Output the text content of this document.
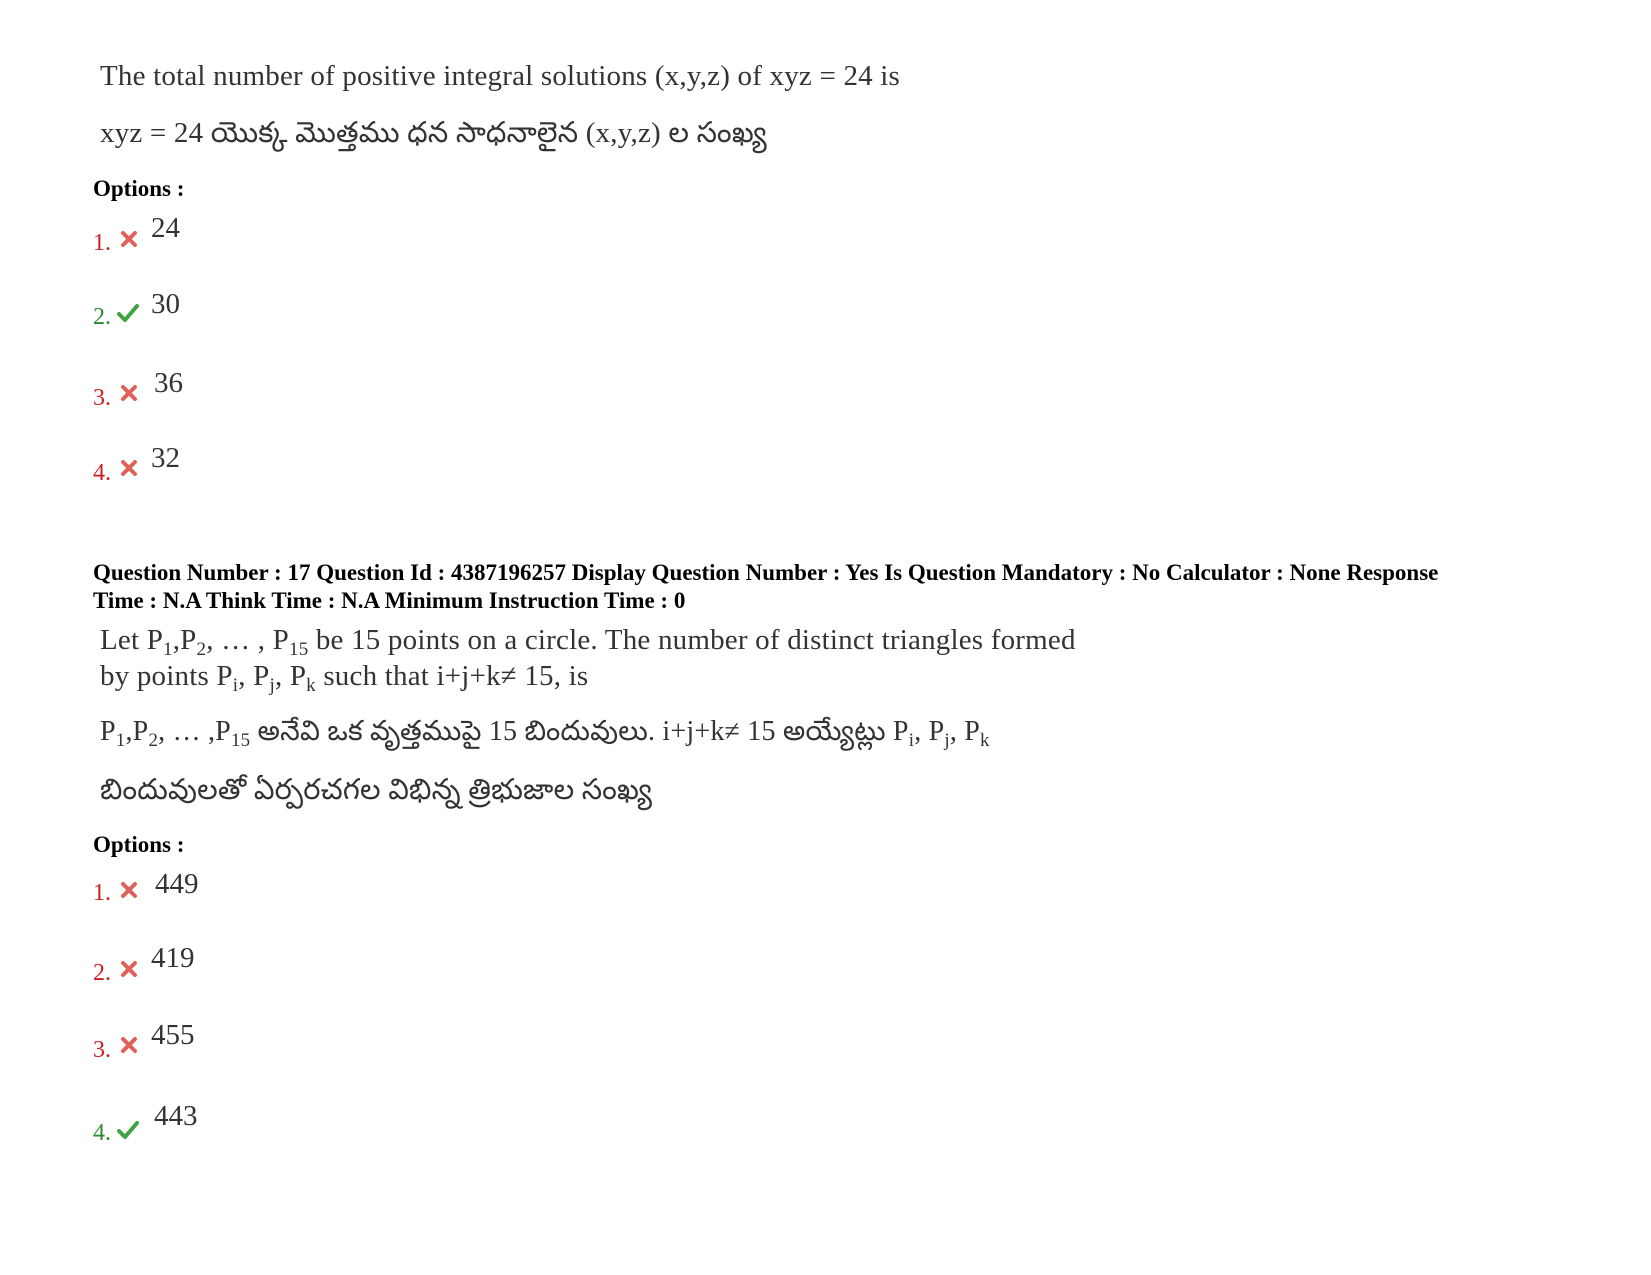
The total number of positive integral solutions (x,y,z) of xyz = 24 is
xyz = 24 యొక్క మొత్తము ధన సాధనాలైన (x,y,z) ల సంఖ్య
Options :
1. 24
2. 30
3. 36
4. 32
Question Number : 17 Question Id : 4387196257 Display Question Number : Yes Is Question Mandatory : No Calculator : None Response
Time : N.A Think Time : N.A Minimum Instruction Time : 0
Let $P_1,P_2$, … , $P_{15}$ be 15 points on a circle. The number of distinct triangles formed
by points $P_i$, $P_j$, $P_k$ such that i+j+k≠ 15, is
$P_1,P_2$, … $,P_{15}$ అనేవి ఒక వృత్తముపై 15 బిందువులు. i+j+k≠ 15 అయ్యేట్లు $P_i$, $P_j$, $P_k$
బిందువులతో ఏర్పరచగల విభిన్న త్రిభుజాల సంఖ్య
Options :
1. 449
2. 419
3. 455
4.
443
